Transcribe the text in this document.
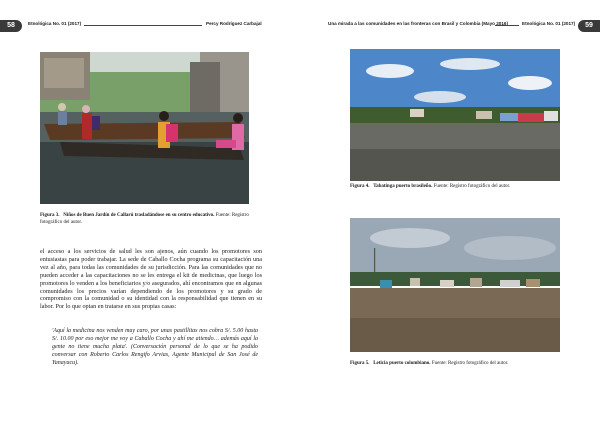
58	Etnológica No. 01 (2017)	Percy Rodríguez Carbajal
Figura 3. Niños de Buen Jardín de Callarú trasladándose en su centro educativo. Fuente: Registro fotográfico del autor.
el acceso a los servicios de salud les son ajenos, aún cuando los promotores son entusiastas para poder trabajar. La sede de Caballo Cocha programa su capacitación una vez al año, para todas las comunidades de su jurisdicción. Para las comunidades que no pueden acceder a las capacitaciones no se les entrega el kit de medicinas, que luego los promotores lo venden a los beneficiarios y/o asegurados, ahí encontramos que en algunas comunidades los precios varían dependiendo de los promotores y su grado de compromiso con la comunidad o su identidad con la responsabilidad que tienen en su labor. Por lo que optan en tratarse en sus propias casas:
'Aquí la medicina nos venden muy caro, por unas pastillitas nos cobra S/. 5.00 hasta S/. 10.00 por eso mejor me voy a Caballo Cocha y ahí me atiendo… además aquí la gente no tiene mucha plata'. (Conversación personal de lo que se ha podido conversar con Roberto Carlos Rengifo Arvias, Agente Municipal de San José de Yanayacu).
Una mirada a las comunidades en las fronteras con Brasil y Colombia (Mayo 2016)	Etnológica No. 01 (2017)	59
Figura 4. Tabatinga puerto brasileño. Fuente: Registro fotográfico del autor.
Figura 5. Leticia puerto colombiano. Fuente: Registro fotográfico del autor.
